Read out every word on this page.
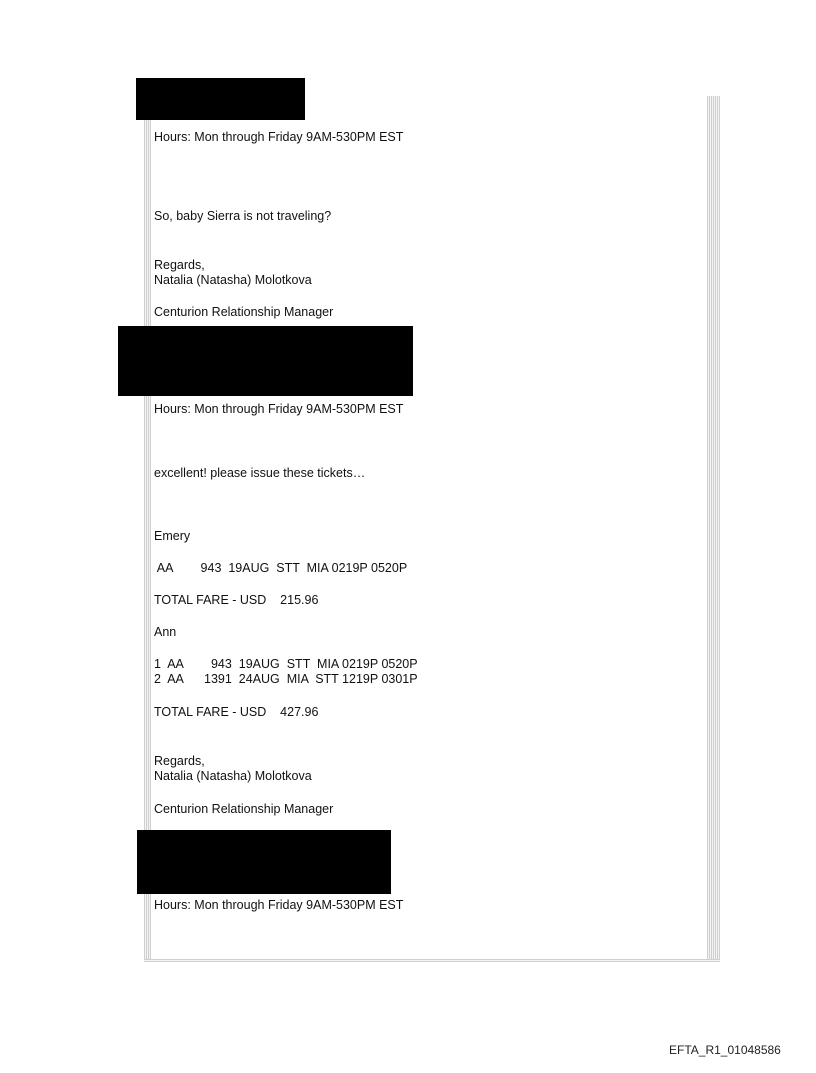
Hours: Mon through Friday 9AM-530PM EST
So, baby Sierra is not traveling?
Regards,
Natalia (Natasha) Molotkova
Centurion Relationship Manager
Hours: Mon through Friday 9AM-530PM EST
excellent! please issue these tickets…
Emery
AA        943  19AUG  STT  MIA 0219P 0520P
TOTAL FARE - USD    215.96
Ann
1  AA        943  19AUG  STT  MIA 0219P 0520P
2  AA      1391  24AUG  MIA  STT 1219P 0301P
TOTAL FARE - USD    427.96
Regards,
Natalia (Natasha) Molotkova
Centurion Relationship Manager
Hours: Mon through Friday 9AM-530PM EST
EFTA_R1_01048586
